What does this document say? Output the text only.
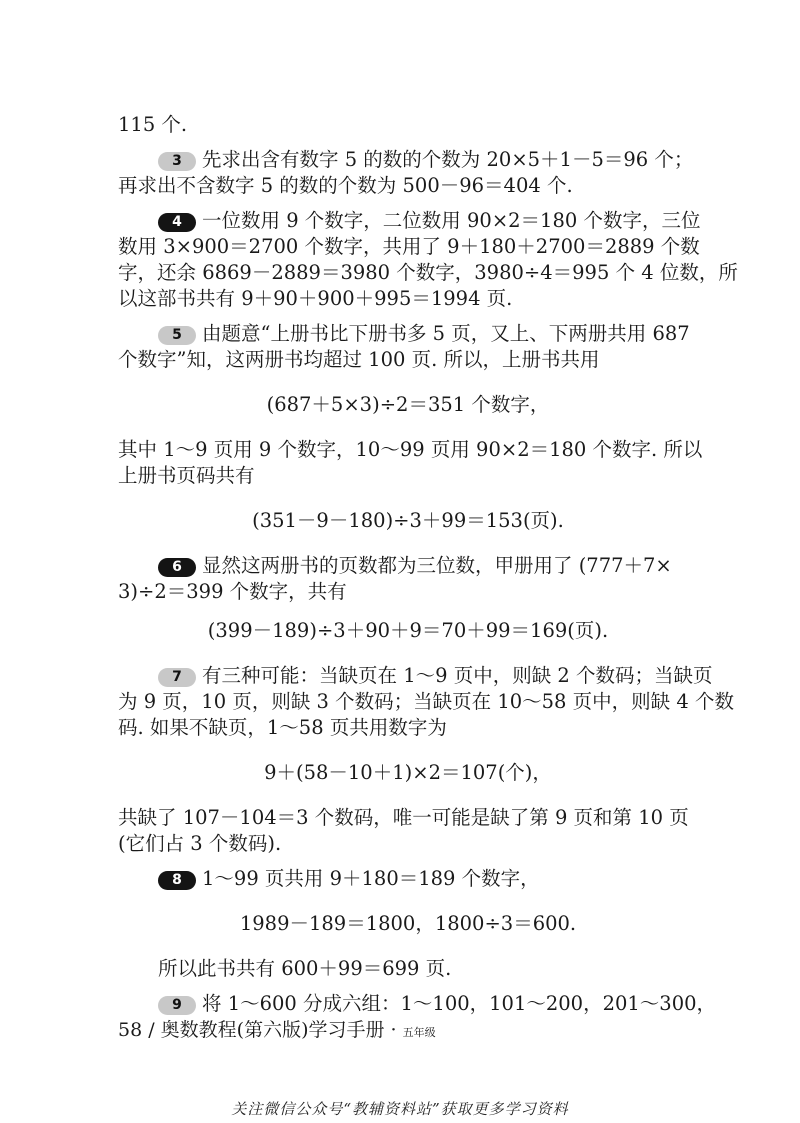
115 个.

3 先求出含有数字 5 的数的个数为 20×5＋1－5＝96 个；

再求出不含数字 5 的数的个数为 500－96＝404 个.

4 一位数用 9 个数字，二位数用 90×2＝180 个数字，三位

数用 3×900＝2700 个数字，共用了 9＋180＋2700＝2889 个数

字，还余 6869－2889＝3980 个数字，3980÷4＝995 个 4 位数，所

以这部书共有 9＋90＋900＋995＝1994 页.

5 由题意“上册书比下册书多 5 页，又上、下两册共用 687

个数字”知，这两册书均超过 100 页. 所以，上册书共用

(687＋5×3)÷2＝351 个数字，

其中 1～9 页用 9 个数字，10～99 页用 90×2＝180 个数字. 所以

上册书页码共有

(351－9－180)÷3＋99＝153(页).

6 显然这两册书的页数都为三位数，甲册用了 (777＋7×

3)÷2＝399 个数字，共有

(399－189)÷3＋90＋9＝70＋99＝169(页).

7 有三种可能：当缺页在 1～9 页中，则缺 2 个数码；当缺页

为 9 页，10 页，则缺 3 个数码；当缺页在 10～58 页中，则缺 4 个数

码. 如果不缺页，1～58 页共用数字为

9＋(58－10＋1)×2＝107(个)，

共缺了 107－104＝3 个数码，唯一可能是缺了第 9 页和第 10 页

(它们占 3 个数码).

8 1～99 页共用 9＋180＝189 个数字，

1989－189＝1800，1800÷3＝600.

所以此书共有 600＋99＝699 页.

9 将 1～600 分成六组：1～100，101～200，201～300，

58 / 奥数教程(第六版)学习手册 · 五年级
关注微信公众号“教辅资料站”获取更多学习资料
